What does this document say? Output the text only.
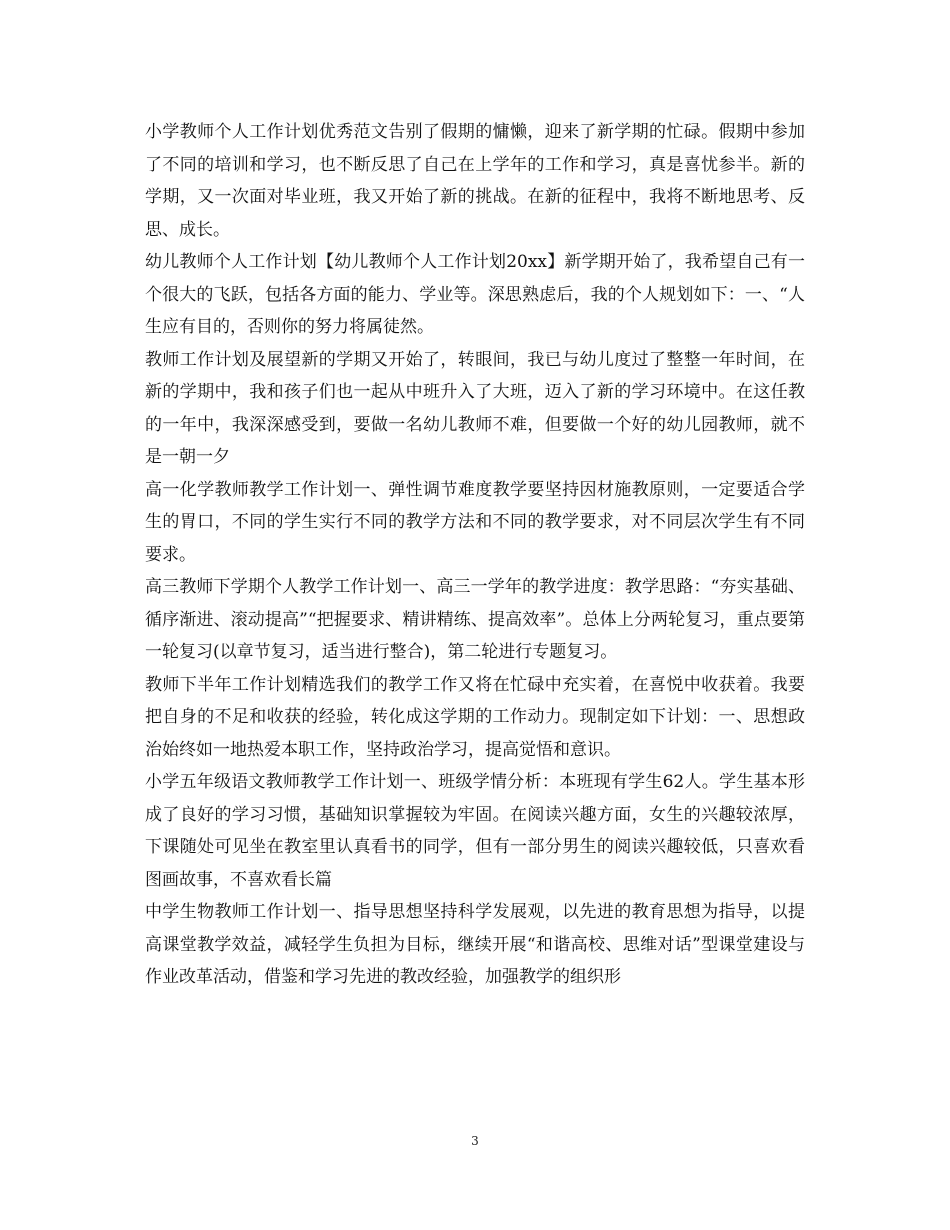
小学教师个人工作计划优秀范文告别了假期的慵懒，迎来了新学期的忙碌。假期中参加了不同的培训和学习，也不断反思了自己在上学年的工作和学习，真是喜忧参半。新的学期，又一次面对毕业班，我又开始了新的挑战。在新的征程中，我将不断地思考、反思、成长。

幼儿教师个人工作计划【幼儿教师个人工作计划20xx】新学期开始了，我希望自己有一个很大的飞跃，包括各方面的能力、学业等。深思熟虑后，我的个人规划如下：一、“人生应有目的，否则你的努力将属徒然。

教师工作计划及展望新的学期又开始了，转眼间，我已与幼儿度过了整整一年时间，在新的学期中，我和孩子们也一起从中班升入了大班，迈入了新的学习环境中。在这任教的一年中，我深深感受到，要做一名幼儿教师不难，但要做一个好的幼儿园教师，就不是一朝一夕

高一化学教师教学工作计划一、弹性调节难度教学要坚持因材施教原则，一定要适合学生的胃口，不同的学生实行不同的教学方法和不同的教学要求，对不同层次学生有不同要求。

高三教师下学期个人教学工作计划一、高三一学年的教学进度：教学思路：“夯实基础、循序渐进、滚动提高”“把握要求、精讲精练、提高效率”。总体上分两轮复习，重点要第一轮复习(以章节复习，适当进行整合)，第二轮进行专题复习。

教师下半年工作计划精选我们的教学工作又将在忙碌中充实着，在喜悦中收获着。我要把自身的不足和收获的经验，转化成这学期的工作动力。现制定如下计划：一、思想政治始终如一地热爱本职工作，坚持政治学习，提高觉悟和意识。

小学五年级语文教师教学工作计划一、班级学情分析：本班现有学生62人。学生基本形成了良好的学习习惯，基础知识掌握较为牢固。在阅读兴趣方面，女生的兴趣较浓厚，下课随处可见坐在教室里认真看书的同学，但有一部分男生的阅读兴趣较低，只喜欢看图画故事，不喜欢看长篇

中学生物教师工作计划一、指导思想坚持科学发展观，以先进的教育思想为指导，以提高课堂教学效益，减轻学生负担为目标，继续开展“和谐高校、思维对话”型课堂建设与作业改革活动，借鉴和学习先进的教改经验，加强教学的组织形

3
